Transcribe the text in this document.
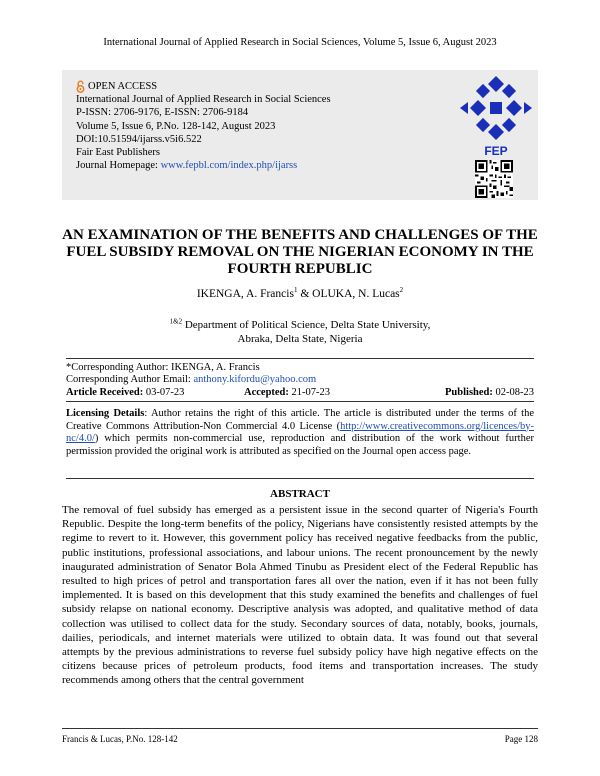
International Journal of Applied Research in Social Sciences, Volume 5, Issue 6, August 2023
OPEN ACCESS
International Journal of Applied Research in Social Sciences
P-ISSN: 2706-9176, E-ISSN: 2706-9184
Volume 5, Issue 6, P.No. 128-142, August 2023
DOI:10.51594/ijarss.v5i6.522
Fair East Publishers
Journal Homepage: www.fepbl.com/index.php/ijarss
FEP
AN EXAMINATION OF THE BENEFITS AND CHALLENGES OF THE FUEL SUBSIDY REMOVAL ON THE NIGERIAN ECONOMY IN THE FOURTH REPUBLIC
IKENGA, A. Francis$^1$ & OLUKA, N. Lucas$^2$
$^{1\&2}$ Department of Political Science, Delta State University,
Abraka, Delta State, Nigeria
*Corresponding Author: IKENGA, A. Francis
Corresponding Author Email: anthony.kifordu@yahoo.com
Article Received: 03-07-23	Accepted: 21-07-23	Published: 02-08-23
Licensing Details: Author retains the right of this article. The article is distributed under the terms of the Creative Commons Attribution-Non Commercial 4.0 License (http://www.creativecommons.org/licences/by-nc/4.0/) which permits non-commercial use, reproduction and distribution of the work without further permission provided the original work is attributed as specified on the Journal open access page.
ABSTRACT
The removal of fuel subsidy has emerged as a persistent issue in the second quarter of Nigeria's Fourth Republic. Despite the long-term benefits of the policy, Nigerians have consistently resisted attempts by the regime to revert to it. However, this government policy has received negative feedbacks from the public, public institutions, professional associations, and labour unions. The recent pronouncement by the newly inaugurated administration of Senator Bola Ahmed Tinubu as President elect of the Federal Republic has resulted to high prices of petrol and transportation fares all over the nation, even if it has not been fully implemented. It is based on this development that this study examined the benefits and challenges of fuel subsidy relapse on national economy. Descriptive analysis was adopted, and qualitative method of data collection was utilised to collect data for the study. Secondary sources of data, notably, books, journals, dailies, periodicals, and internet materials were utilized to obtain data. It was found out that several attempts by the previous administrations to reverse fuel subsidy policy have high negative effects on the citizens because prices of petroleum products, food items and transportation increases. The study recommends among others that the central government
Francis & Lucas, P.No. 128-142	Page 128
